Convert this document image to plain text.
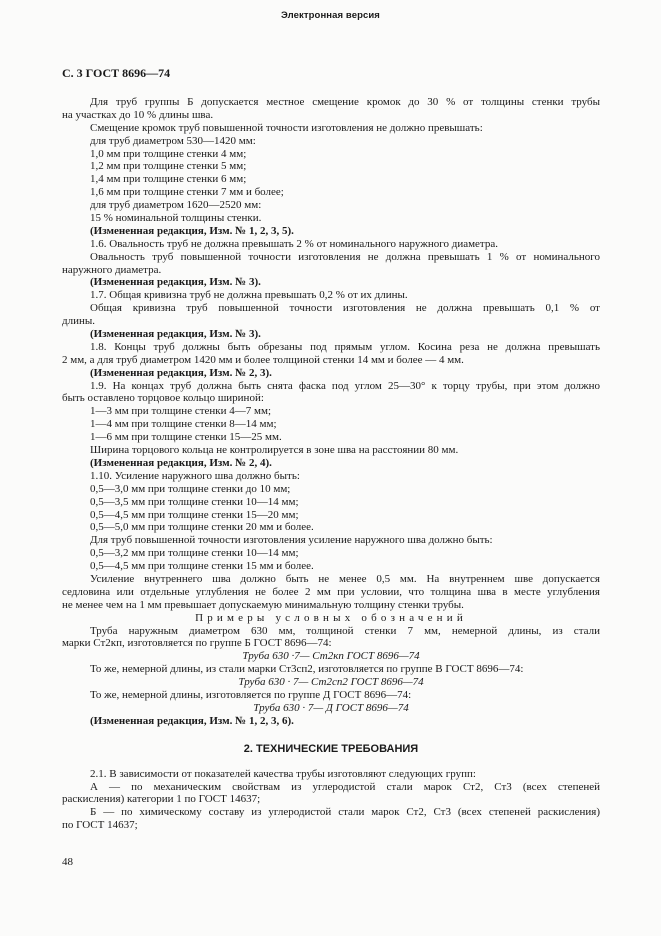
Электронная версия
С. 3 ГОСТ 8696—74
Для труб группы Б допускается местное смещение кромок до 30 % от толщины стенки трубы
на участках до 10 % длины шва.
Смещение кромок труб повышенной точности изготовления не должно превышать:
для труб диаметром 530—1420 мм:
1,0 мм при толщине стенки 4 мм;
1,2 мм при толщине стенки 5 мм;
1,4 мм при толщине стенки 6 мм;
1,6 мм при толщине стенки 7 мм и более;
для труб диаметром 1620—2520 мм:
15 % номинальной толщины стенки.
(Измененная редакция, Изм. № 1, 2, 3, 5).
1.6. Овальность труб не должна превышать 2 % от номинального наружного диаметра.
Овальность труб повышенной точности изготовления не должна превышать 1 % от номинального
наружного диаметра.
(Измененная редакция, Изм. № 3).
1.7. Общая кривизна труб не должна превышать 0,2 % от их длины.
Общая кривизна труб повышенной точности изготовления не должна превышать 0,1 % от
длины.
(Измененная редакция, Изм. № 3).
1.8. Концы труб должны быть обрезаны под прямым углом. Косина реза не должна превышать
2 мм, а для труб диаметром 1420 мм и более толщиной стенки 14 мм и более — 4 мм.
(Измененная редакция, Изм. № 2, 3).
1.9. На концах труб должна быть снята фаска под углом 25—30° к торцу трубы, при этом должно
быть оставлено торцовое кольцо шириной:
1—3 мм при толщине стенки 4—7 мм;
1—4 мм при толщине стенки 8—14 мм;
1—6 мм при толщине стенки 15—25 мм.
Ширина торцового кольца не контролируется в зоне шва на расстоянии 80 мм.
(Измененная редакция, Изм. № 2, 4).
1.10. Усиление наружного шва должно быть:
0,5—3,0 мм при толщине стенки до 10 мм;
0,5—3,5 мм при толщине стенки 10—14 мм;
0,5—4,5 мм при толщине стенки 15—20 мм;
0,5—5,0 мм при толщине стенки 20 мм и более.
Для труб повышенной точности изготовления усиление наружного шва должно быть:
0,5—3,2 мм при толщине стенки 10—14 мм;
0,5—4,5 мм при толщине стенки 15 мм и более.
Усиление внутреннего шва должно быть не менее 0,5 мм. На внутреннем шве допускается
седловина или отдельные углубления не более 2 мм при условии, что толщина шва в месте углубления
не менее чем на 1 мм превышает допускаемую минимальную толщину стенки трубы.
Примеры условных обозначений
Труба наружным диаметром 630 мм, толщиной стенки 7 мм, немерной длины, из стали
марки Ст2кп, изготовляется по группе Б ГОСТ 8696—74:
Труба 630 ·7— Ст2кп ГОСТ 8696—74
То же, немерной длины, из стали марки Ст3сп2, изготовляется по группе В ГОСТ 8696—74:
Труба 630 · 7— Ст2сп2 ГОСТ 8696—74
То же, немерной длины, изготовляется по группе Д ГОСТ 8696—74:
Труба 630 · 7— Д ГОСТ 8696—74
(Измененная редакция, Изм. № 1, 2, 3, 6).
2. ТЕХНИЧЕСКИЕ ТРЕБОВАНИЯ
2.1. В зависимости от показателей качества трубы изготовляют следующих групп:
А — по механическим свойствам из углеродистой стали марок Ст2, Ст3 (всех степеней
раскисления) категории 1 по ГОСТ 14637;
Б — по химическому составу из углеродистой стали марок Ст2, Ст3 (всех степеней раскисления)
по ГОСТ 14637;
48
